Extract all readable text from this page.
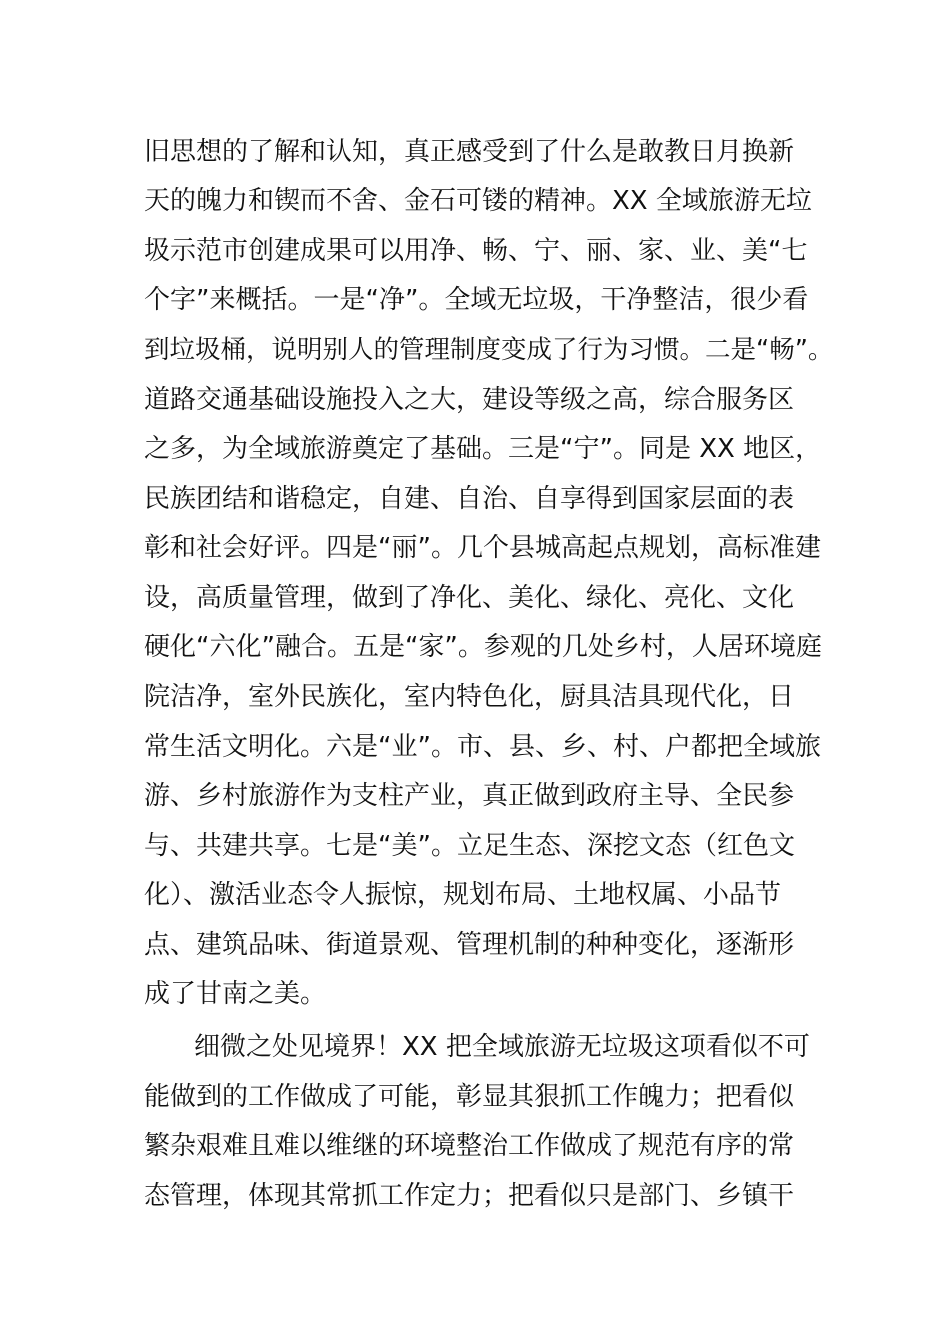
旧思想的了解和认知，真正感受到了什么是敢教日月换新
天的魄力和锲而不舍、金石可镂的精神。XX 全域旅游无垃
圾示范市创建成果可以用净、畅、宁、丽、家、业、美“七
个字”来概括。一是“净”。全域无垃圾，干净整洁，很少看
到垃圾桶，说明别人的管理制度变成了行为习惯。二是“畅”。
道路交通基础设施投入之大，建设等级之高，综合服务区
之多，为全域旅游奠定了基础。三是“宁”。同是 XX 地区，
民族团结和谐稳定，自建、自治、自享得到国家层面的表
彰和社会好评。四是“丽”。几个县城高起点规划，高标准建
设，高质量管理，做到了净化、美化、绿化、亮化、文化
硬化“六化”融合。五是“家”。参观的几处乡村，人居环境庭
院洁净，室外民族化，室内特色化，厨具洁具现代化，日
常生活文明化。六是“业”。市、县、乡、村、户都把全域旅
游、乡村旅游作为支柱产业，真正做到政府主导、全民参
与、共建共享。七是“美”。立足生态、深挖文态（红色文
化）、激活业态令人振惊，规划布局、土地权属、小品节
点、建筑品味、街道景观、管理机制的种种变化，逐渐形
成了甘南之美。
细微之处见境界！XX 把全域旅游无垃圾这项看似不可
能做到的工作做成了可能，彰显其狠抓工作魄力；把看似
繁杂艰难且难以维继的环境整治工作做成了规范有序的常
态管理，体现其常抓工作定力；把看似只是部门、乡镇干
